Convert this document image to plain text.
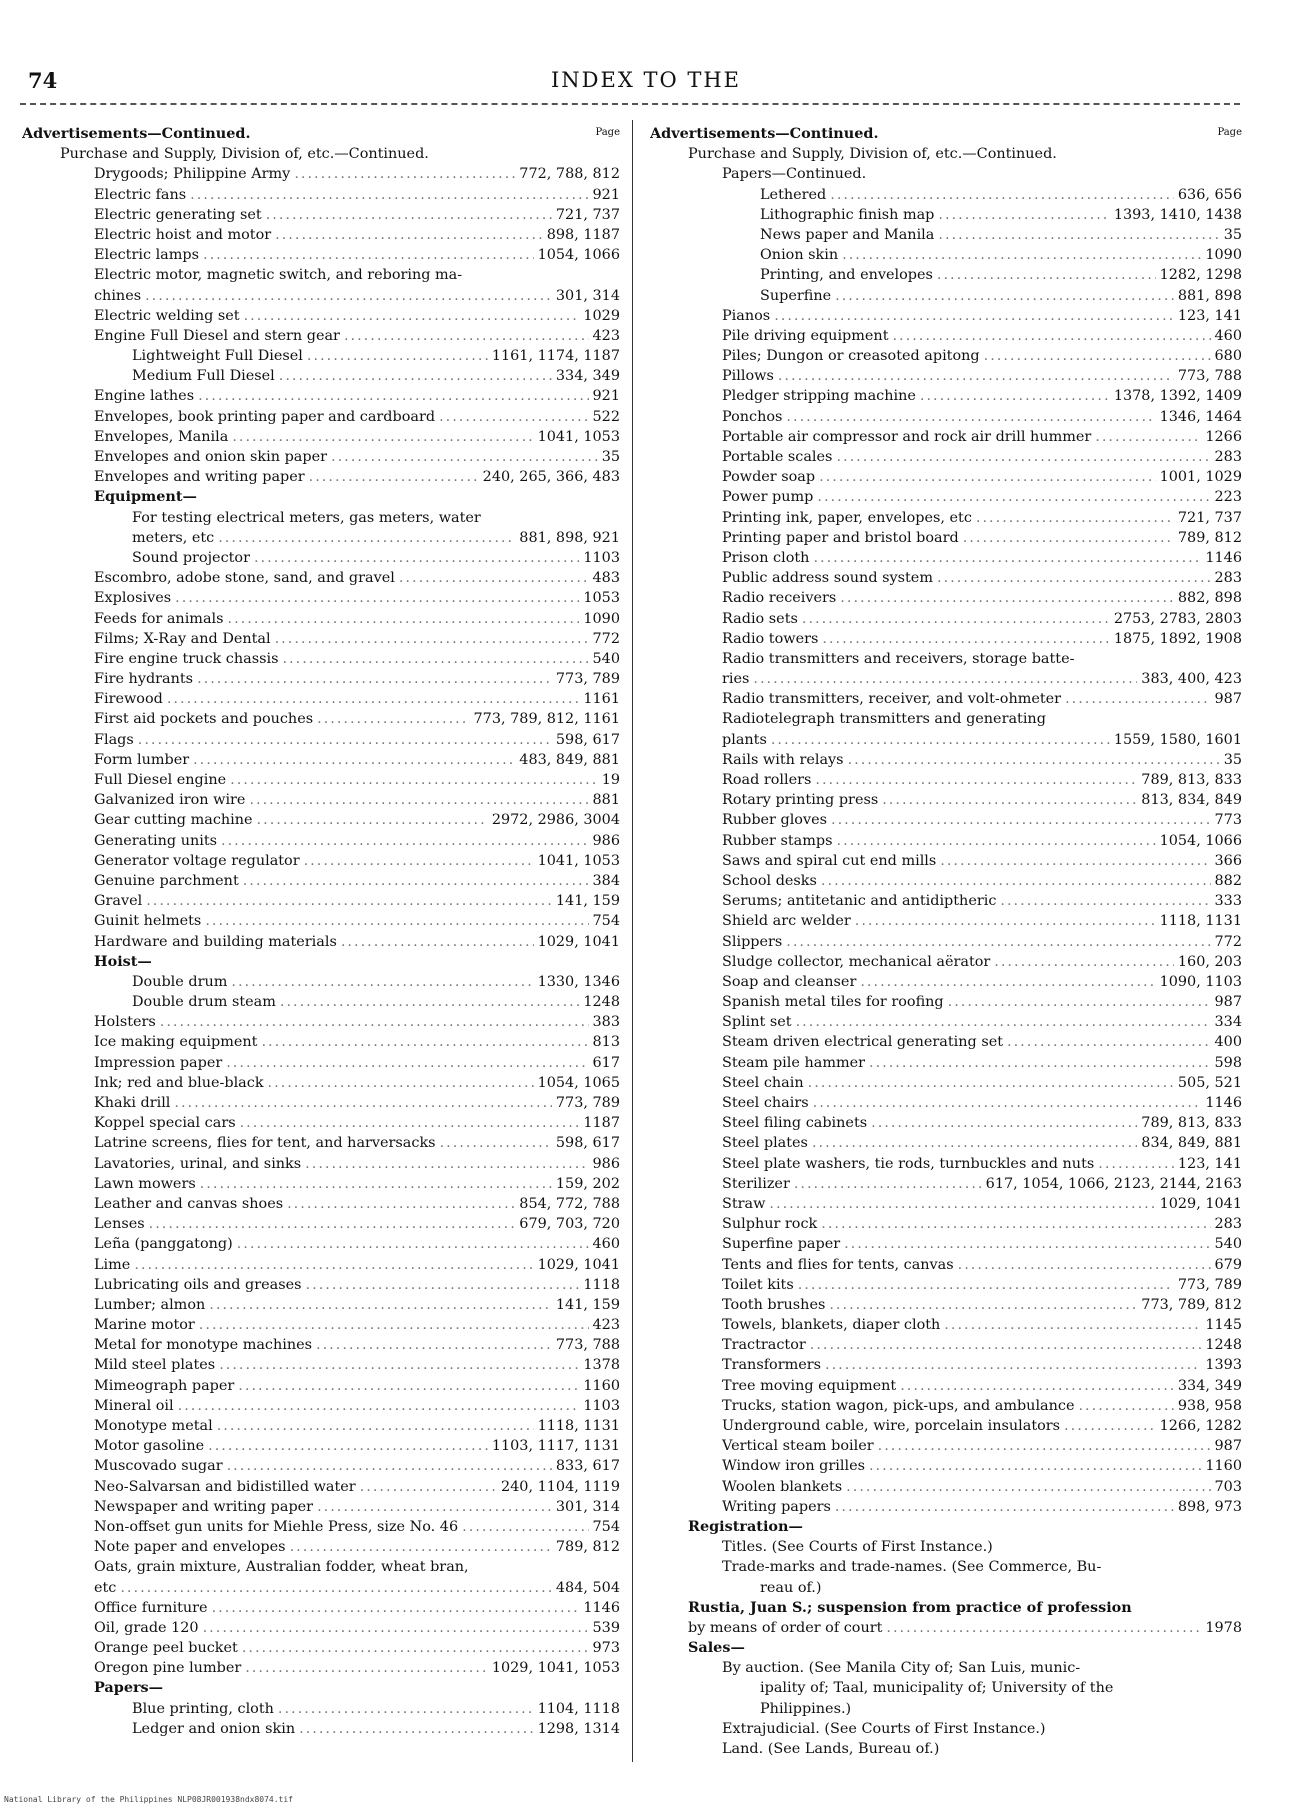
74	INDEX TO THE
Page
Advertisements—Continued.
Purchase and Supply, Division of, etc.—Continued.
Drygoods; Philippine Army .....	772, 788, 812
Electric fans .....	921
Electric generating set .....	721, 737
Electric hoist and motor .....	898, 1187
Electric lamps .....	1054, 1066
Electric motor, magnetic switch, and reboring ma-
chines .....	301, 314
Electric welding set .....	1029
Engine Full Diesel and stern gear .....	423
Lightweight Full Diesel .....	1161, 1174, 1187
Medium Full Diesel .....	334, 349
Engine lathes .....	921
Envelopes, book printing paper and cardboard .....	522
Envelopes, Manila .....	1041, 1053
Envelopes and onion skin paper .....	35
Envelopes and writing paper .....	240, 265, 366, 483
Equipment—
For testing electrical meters, gas meters, water
meters, etc .....	881, 898, 921
Sound projector .....	1103
Escombro, adobe stone, sand, and gravel .....	483
Explosives .....	1053
Feeds for animals .....	1090
Films; X-Ray and Dental .....	772
Fire engine truck chassis .....	540
Fire hydrants .....	773, 789
Firewood .....	1161
First aid pockets and pouches .....	773, 789, 812, 1161
Flags .....	598, 617
Form lumber .....	483, 849, 881
Full Diesel engine .....	19
Galvanized iron wire .....	881
Gear cutting machine .....	2972, 2986, 3004
Generating units .....	986
Generator voltage regulator .....	1041, 1053
Genuine parchment .....	384
Gravel .....	141, 159
Guinit helmets .....	754
Hardware and building materials .....	1029, 1041
Hoist—
Double drum .....	1330, 1346
Double drum steam .....	1248
Holsters .....	383
Ice making equipment .....	813
Impression paper .....	617
Ink; red and blue-black .....	1054, 1065
Khaki drill .....	773, 789
Koppel special cars .....	1187
Latrine screens, flies for tent, and harversacks .....	598, 617
Lavatories, urinal, and sinks .....	986
Lawn mowers .....	159, 202
Leather and canvas shoes .....	854, 772, 788
Lenses .....	679, 703, 720
Leña (panggatong) .....	460
Lime .....	1029, 1041
Lubricating oils and greases .....	1118
Lumber; almon .....	141, 159
Marine motor .....	423
Metal for monotype machines .....	773, 788
Mild steel plates .....	1378
Mimeograph paper .....	1160
Mineral oil .....	1103
Monotype metal .....	1118, 1131
Motor gasoline .....	1103, 1117, 1131
Muscovado sugar .....	833, 617
Neo-Salvarsan and bidistilled water .....	240, 1104, 1119
Newspaper and writing paper .....	301, 314
Non-offset gun units for Miehle Press, size No. 46 .....	754
Note paper and envelopes .....	789, 812
Oats, grain mixture, Australian fodder, wheat bran,
etc .....	484, 504
Office furniture .....	1146
Oil, grade 120 .....	539
Orange peel bucket .....	973
Oregon pine lumber .....	1029, 1041, 1053
Papers—
Blue printing, cloth .....	1104, 1118
Ledger and onion skin .....	1298, 1314
Page
Advertisements—Continued.
Purchase and Supply, Division of, etc.—Continued.
Papers—Continued.
Lethered .....	636, 656
Lithographic finish map .....	1393, 1410, 1438
News paper and Manila .....	35
Onion skin .....	1090
Printing, and envelopes .....	1282, 1298
Superfine .....	881, 898
Pianos .....	123, 141
Pile driving equipment .....	460
Piles; Dungon or creasoted apitong .....	680
Pillows .....	773, 788
Pledger stripping machine .....	1378, 1392, 1409
Ponchos .....	1346, 1464
Portable air compressor and rock air drill hummer .....	1266
Portable scales .....	283
Powder soap .....	1001, 1029
Power pump .....	223
Printing ink, paper, envelopes, etc .....	721, 737
Printing paper and bristol board .....	789, 812
Prison cloth .....	1146
Public address sound system .....	283
Radio receivers .....	882, 898
Radio sets .....	2753, 2783, 2803
Radio towers .....	1875, 1892, 1908
Radio transmitters and receivers, storage batte-
ries .....	383, 400, 423
Radio transmitters, receiver, and volt-ohmeter .....	987
Radiotelegraph transmitters and generating
plants .....	1559, 1580, 1601
Rails with relays .....	35
Road rollers .....	789, 813, 833
Rotary printing press .....	813, 834, 849
Rubber gloves .....	773
Rubber stamps .....	1054, 1066
Saws and spiral cut end mills .....	366
School desks .....	882
Serums; antitetanic and antidiptheric .....	333
Shield arc welder .....	1118, 1131
Slippers .....	772
Sludge collector, mechanical aërator .....	160, 203
Soap and cleanser .....	1090, 1103
Spanish metal tiles for roofing .....	987
Splint set .....	334
Steam driven electrical generating set .....	400
Steam pile hammer .....	598
Steel chain .....	505, 521
Steel chairs .....	1146
Steel filing cabinets .....	789, 813, 833
Steel plates .....	834, 849, 881
Steel plate washers, tie rods, turnbuckles and nuts .....	123, 141
Sterilizer .....	617, 1054, 1066, 2123, 2144, 2163
Straw .....	1029, 1041
Sulphur rock .....	283
Superfine paper .....	540
Tents and flies for tents, canvas .....	679
Toilet kits .....	773, 789
Tooth brushes .....	773, 789, 812
Towels, blankets, diaper cloth .....	1145
Tractractor .....	1248
Transformers .....	1393
Tree moving equipment .....	334, 349
Trucks, station wagon, pick-ups, and ambulance .....	938, 958
Underground cable, wire, porcelain insulators .....	1266, 1282
Vertical steam boiler .....	987
Window iron grilles .....	1160
Woolen blankets .....	703
Writing papers .....	898, 973
Registration—
Titles. (See Courts of First Instance.)
Trade-marks and trade-names. (See Commerce, Bu-
reau of.)
Rustia, Juan S.; suspension from practice of profession
by means of order of court .....	1978
Sales—
By auction. (See Manila City of; San Luis, munic-
ipality of; Taal, municipality of; University of the
Philippines.)
Extrajudicial. (See Courts of First Instance.)
Land. (See Lands, Bureau of.)
National Library of the Philippines NLP08JR001938ndx8074.tif
